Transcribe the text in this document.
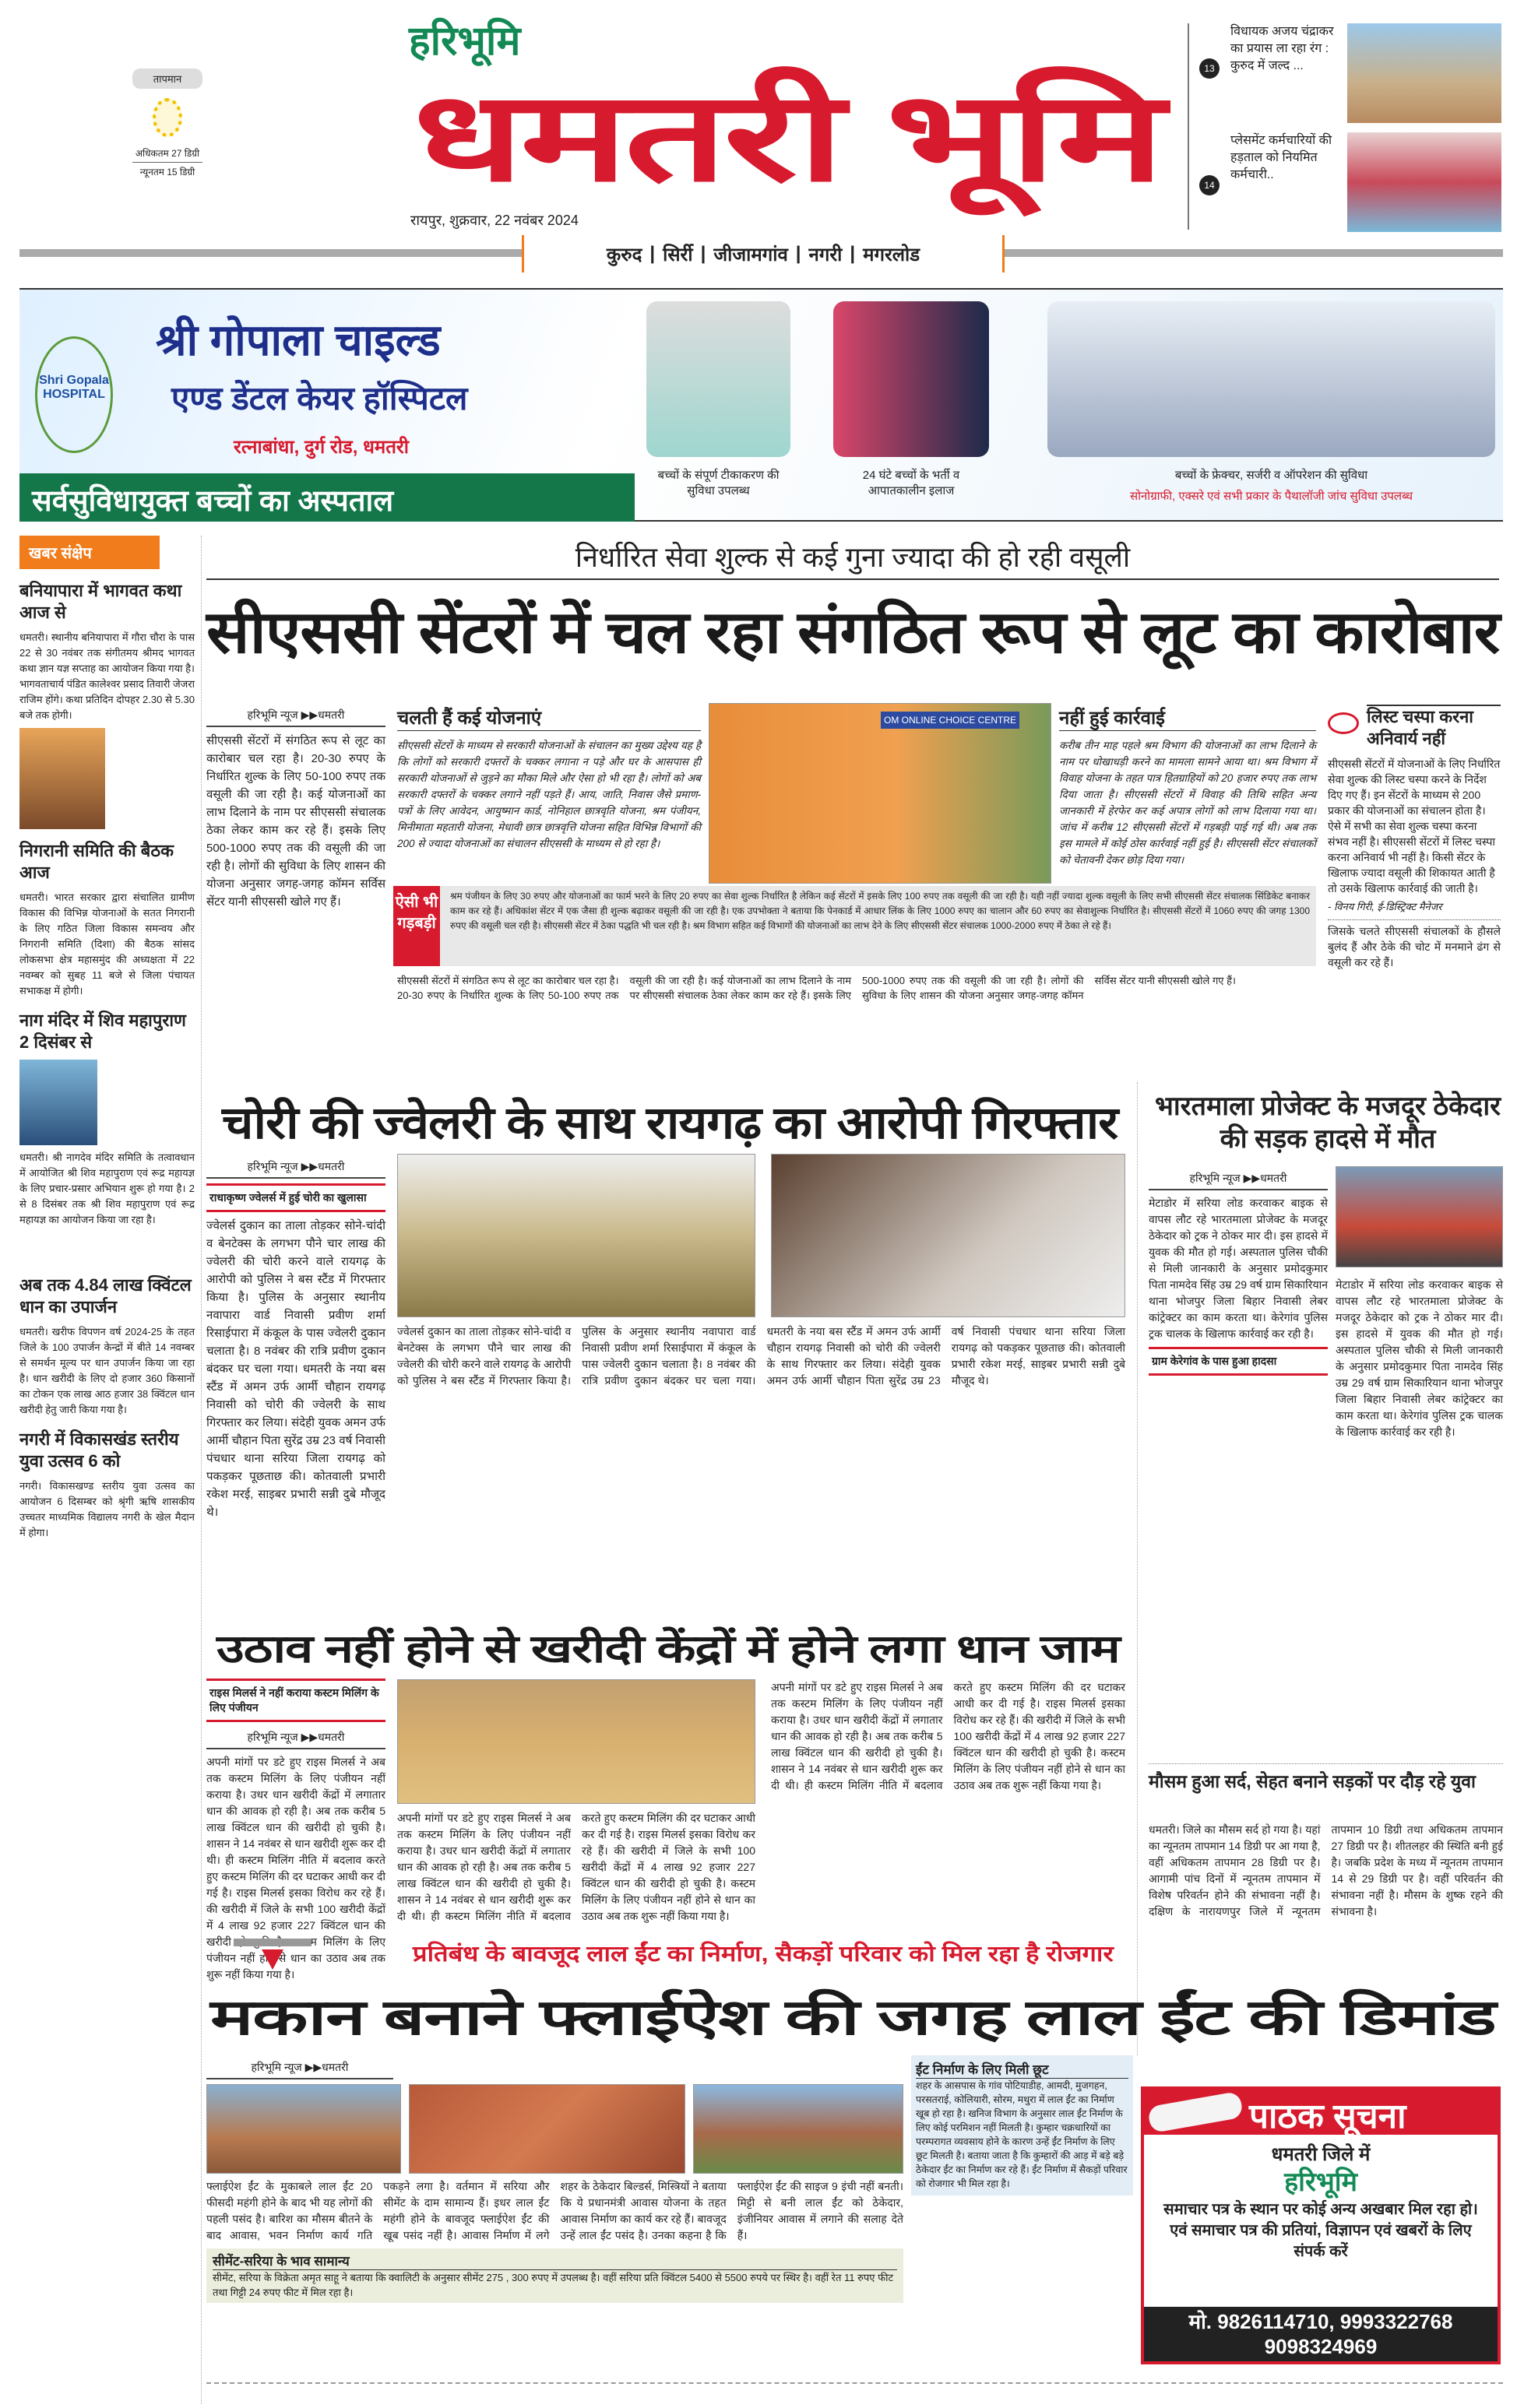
तापमान
अधिकतम 27 डिग्री
न्यूनतम 15 डिग्री
हरिभूमि
धमतरी भूमि
रायपुर, शुक्रवार, 22 नवंबर 2024
कुरुद | सिर्री | जीजामगांव | नगरी | मगरलोड
13
विधायक अजय चंद्राकर का प्रयास ला रहा रंग : कुरुद में जल्द ...
14
प्लेसमेंट कर्मचारियों की हड़ताल को नियमित कर्मचारी..
Shri Gopala HOSPITAL
श्री गोपाला चाइल्ड
एण्ड डेंटल केयर हॉस्पिटल
रत्नाबांधा, दुर्ग रोड, धमतरी
सर्वसुविधायुक्त बच्चों का अस्पताल
बच्चों के संपूर्ण टीकाकरण की सुविधा उपलब्ध
24 घंटे बच्चों के भर्ती व आपातकालीन इलाज
बच्चों के फ्रेक्चर, सर्जरी व ऑपरेशन की सुविधा
सोनोग्राफी, एक्सरे एवं सभी प्रकार के पैथालॉजी जांच सुविधा उपलब्ध
खबर संक्षेप
बनियापारा में भागवत कथा आज से
धमतरी। स्थानीय बनियापारा में गौरा चौरा के पास 22 से 30 नवंबर तक संगीतमय श्रीमद भागवत कथा ज्ञान यज्ञ सप्ताह का आयोजन किया गया है। भागवताचार्य पंडित कालेश्वर प्रसाद तिवारी जेजरा राजिम होंगे। कथा प्रतिदिन दोपहर 2.30 से 5.30 बजे तक होगी।
निगरानी समिति की बैठक आज
धमतरी। भारत सरकार द्वारा संचालित ग्रामीण विकास की विभिन्न योजनाओं के सतत निगरानी के लिए गठित जिला विकास समन्वय और निगरानी समिति (दिशा) की बैठक सांसद लोकसभा क्षेत्र महासमुंद की अध्यक्षता में 22 नवम्बर को सुबह 11 बजे से जिला पंचायत सभाकक्ष में होगी।
नाग मंदिर में शिव महापुराण 2 दिसंबर से
धमतरी। श्री नागदेव मंदिर समिति के तत्वावधान में आयोजित श्री शिव महापुराण एवं रूद्र महायज्ञ के लिए प्रचार-प्रसार अभियान शुरू हो गया है। 2 से 8 दिसंबर तक श्री शिव महापुराण एवं रूद्र महायज्ञ का आयोजन किया जा रहा है।
अब तक 4.84 लाख क्विंटल धान का उपार्जन
धमतरी। खरीफ विपणन वर्ष 2024-25 के तहत जिले के 100 उपार्जन केन्द्रों में बीते 14 नवम्बर से समर्थन मूल्य पर धान उपार्जन किया जा रहा है। धान खरीदी के लिए दो हजार 360 किसानों का टोकन एक लाख आठ हजार 38 क्विंटल धान खरीदी हेतु जारी किया गया है।
नगरी में विकासखंड स्तरीय युवा उत्सव 6 को
नगरी। विकासखण्ड स्तरीय युवा उत्सव का आयोजन 6 दिसम्बर को श्रृंगी ऋषि शासकीय उच्चतर माध्यमिक विद्यालय नगरी के खेल मैदान में होगा।
निर्धारित सेवा शुल्क से कई गुना ज्यादा की हो रही वसूली
सीएससी सेंटरों में चल रहा संगठित रूप से लूट का कारोबार
हरिभूमि न्यूज ▶▶धमतरी
सीएससी सेंटरों में संगठित रूप से लूट का कारोबार चल रहा है। 20-30 रुपए के निर्धारित शुल्क के लिए 50-100 रुपए तक वसूली की जा रही है। कई योजनाओं का लाभ दिलाने के नाम पर सीएससी संचालक ठेका लेकर काम कर रहे हैं। इसके लिए 500-1000 रुपए तक की वसूली की जा रही है। लोगों की सुविधा के लिए शासन की योजना अनुसार जगह-जगह कॉमन सर्विस सेंटर यानी सीएससी खोले गए हैं।
चलती हैं कई योजनाएं
सीएससी सेंटरों के माध्यम से सरकारी योजनाओं के संचालन का मुख्य उद्देश्य यह है कि लोगों को सरकारी दफ्तरों के चक्कर लगाना न पड़े और घर के आसपास ही सरकारी योजनाओं से जुड़ने का मौका मिले और ऐसा हो भी रहा है। लोगों को अब सरकारी दफ्तरों के चक्कर लगाने नहीं पड़ते हैं। आय, जाति, निवास जैसे प्रमाण- पत्रों के लिए आवेदन, आयुष्मान कार्ड, नोनिहाल छात्रवृति योजना, श्रम पंजीयन, मिनीमाता महतारी योजना, मेधावी छात्र छात्रवृत्ति योजना सहित विभिन्न विभागों की 200 से ज्यादा योजनाओं का संचालन सीएससी के माध्यम से हो रहा है।
OM ONLINE CHOICE CENTRE नहीं हुई कार्रवाई
करीब तीन माह पहले श्रम विभाग की योजनाओं का लाभ दिलाने के नाम पर धोखाधड़ी करने का मामला सामने आया था। श्रम विभाग में विवाह योजना के तहत पात्र हितग्राहियों को 20 हजार रुपए तक लाभ दिया जाता है। सीएससी सेंटरों में विवाह की तिथि सहित अन्य जानकारी में हेरफेर कर कई अपात्र लोगों को लाभ दिलाया गया था। जांच में करीब 12 सीएससी सेंटरों में गड़बड़ी पाई गई थी। अब तक इस मामले में कोई ठोस कार्रवाई नहीं हुई है। सीएससी सेंटर संचालकों को चेतावनी देकर छोड़ दिया गया।
ऐसी भी गड़बड़ी
श्रम पंजीयन के लिए 30 रुपए और योजनाओं का फार्म भरने के लिए 20 रुपए का सेवा शुल्क निर्धारित है लेकिन कई सेंटरों में इसके लिए 100 रुपए तक वसूली की जा रही है। यही नहीं ज्यादा शुल्क वसूली के लिए सभी सीएससी सेंटर संचालक सिंडिकेट बनाकर काम कर रहे हैं। अधिकांश सेंटर में एक जैसा ही शुल्क बढ़ाकर वसूली की जा रही है। एक उपभोक्ता ने बताया कि पेनकार्ड में आधार लिंक के लिए 1000 रुपए का चालान और 60 रुपए का सेवाशुल्क निर्धारित है। सीएससी सेंटरों में 1060 रुपए की जगह 1300 रुपए की वसूली चल रही है। सीएससी सेंटर में ठेका पद्धति भी चल रही है। श्रम विभाग सहित कई विभागों की योजनाओं का लाभ देने के लिए सीएससी सेंटर संचालक 1000-2000 रुपए में ठेका ले रहे हैं।
सीएससी सेंटरों में संगठित रूप से लूट का कारोबार चल रहा है। 20-30 रुपए के निर्धारित शुल्क के लिए 50-100 रुपए तक वसूली की जा रही है। कई योजनाओं का लाभ दिलाने के नाम पर सीएससी संचालक ठेका लेकर काम कर रहे हैं। इसके लिए 500-1000 रुपए तक की वसूली की जा रही है। लोगों की सुविधा के लिए शासन की योजना अनुसार जगह-जगह कॉमन सर्विस सेंटर यानी सीएससी खोले गए हैं।
लिस्ट चस्पा करना अनिवार्य नहीं
सीएससी सेंटरों में योजनाओं के लिए निर्धारित सेवा शुल्क की लिस्ट चस्पा करने के निर्देश दिए गए हैं। इन सेंटरों के माध्यम से 200 प्रकार की योजनाओं का संचालन होता है। ऐसे में सभी का सेवा शुल्क चस्पा करना संभव नहीं है। सीएससी सेंटरों में लिस्ट चस्पा करना अनिवार्य भी नहीं है। किसी सेंटर के खिलाफ ज्यादा वसूली की शिकायत आती है तो उसके खिलाफ कार्रवाई की जाती है।
- विनय गिरी, ई-डिस्ट्रिक्ट मैनेजर
जिसके चलते सीएससी संचालकों के हौसले बुलंद हैं और ठेके की चोट में मनमाने ढंग से वसूली कर रहे हैं।
चोरी की ज्वेलरी के साथ रायगढ़ का आरोपी गिरफ्तार
हरिभूमि न्यूज ▶▶धमतरी
राधाकृष्ण ज्वेलर्स में हुई चोरी का खुलासा
ज्वेलर्स दुकान का ताला तोड़कर सोने-चांदी व बेनटेक्स के लगभग पौने चार लाख की ज्वेलरी की चोरी करने वाले रायगढ़ के आरोपी को पुलिस ने बस स्टैंड में गिरफ्तार किया है। पुलिस के अनुसार स्थानीय नवापारा वार्ड निवासी प्रवीण शर्मा रिसाईपारा में कंकूल के पास ज्वेलरी दुकान चलाता है। 8 नवंबर की रात्रि प्रवीण दुकान बंदकर घर चला गया। धमतरी के नया बस स्टैंड में अमन उर्फ आर्मी चौहान रायगढ़ निवासी को चोरी की ज्वेलरी के साथ गिरफ्तार कर लिया। संदेही युवक अमन उर्फ आर्मी चौहान पिता सुरेंद्र उम्र 23 वर्ष निवासी पंचधार थाना सरिया जिला रायगढ़ को पकड़कर पूछताछ की। कोतवाली प्रभारी रकेश मरई, साइबर प्रभारी सन्नी दुबे मौजूद थे।
ज्वेलर्स दुकान का ताला तोड़कर सोने-चांदी व बेनटेक्स के लगभग पौने चार लाख की ज्वेलरी की चोरी करने वाले रायगढ़ के आरोपी को पुलिस ने बस स्टैंड में गिरफ्तार किया है। पुलिस के अनुसार स्थानीय नवापारा वार्ड निवासी प्रवीण शर्मा रिसाईपारा में कंकूल के पास ज्वेलरी दुकान चलाता है। 8 नवंबर की रात्रि प्रवीण दुकान बंदकर घर चला गया। धमतरी के नया बस स्टैंड में अमन उर्फ आर्मी चौहान रायगढ़ निवासी को चोरी की ज्वेलरी के साथ गिरफ्तार कर लिया। संदेही युवक अमन उर्फ आर्मी चौहान पिता सुरेंद्र उम्र 23 वर्ष निवासी पंचधार थाना सरिया जिला रायगढ़ को पकड़कर पूछताछ की। कोतवाली प्रभारी रकेश मरई, साइबर प्रभारी सन्नी दुबे मौजूद थे।
भारतमाला प्रोजेक्ट के मजदूर ठेकेदार की सड़क हादसे में मौत
हरिभूमि न्यूज ▶▶धमतरी
मेटाडोर में सरिया लोड करवाकर बाइक से वापस लौट रहे भारतमाला प्रोजेक्ट के मजदूर ठेकेदार को ट्रक ने ठोकर मार दी। इस हादसे में युवक की मौत हो गई। अस्पताल पुलिस चौकी से मिली जानकारी के अनुसार प्रमोदकुमार पिता नामदेव सिंह उम्र 29 वर्ष ग्राम सिकारियान थाना भोजपुर जिला बिहार निवासी लेबर कांट्रेक्टर का काम करता था। केरेगांव पुलिस ट्रक चालक के खिलाफ कार्रवाई कर रही है।
ग्राम केरेगांव के पास हुआ हादसा
मेटाडोर में सरिया लोड करवाकर बाइक से वापस लौट रहे भारतमाला प्रोजेक्ट के मजदूर ठेकेदार को ट्रक ने ठोकर मार दी। इस हादसे में युवक की मौत हो गई। अस्पताल पुलिस चौकी से मिली जानकारी के अनुसार प्रमोदकुमार पिता नामदेव सिंह उम्र 29 वर्ष ग्राम सिकारियान थाना भोजपुर जिला बिहार निवासी लेबर कांट्रेक्टर का काम करता था। केरेगांव पुलिस ट्रक चालक के खिलाफ कार्रवाई कर रही है।
उठाव नहीं होने से खरीदी केंद्रों में होने लगा धान जाम
राइस मिलर्स ने नहीं कराया कस्टम मिलिंग के लिए पंजीयन
हरिभूमि न्यूज ▶▶धमतरी
अपनी मांगों पर डटे हुए राइस मिलर्स ने अब तक कस्टम मिलिंग के लिए पंजीयन नहीं कराया है। उधर धान खरीदी केंद्रों में लगातार धान की आवक हो रही है। अब तक करीब 5 लाख क्विंटल धान की खरीदी हो चुकी है। शासन ने 14 नवंबर से धान खरीदी शुरू कर दी थी। ही कस्टम मिलिंग नीति में बदलाव करते हुए कस्टम मिलिंग की दर घटाकर आधी कर दी गई है। राइस मिलर्स इसका विरोध कर रहे हैं। की खरीदी में जिले के सभी 100 खरीदी केंद्रों में 4 लाख 92 हजार 227 क्विंटल धान की खरीदी हो चुकी है। कस्टम मिलिंग के लिए पंजीयन नहीं होने से धान का उठाव अब तक शुरू नहीं किया गया है।
अपनी मांगों पर डटे हुए राइस मिलर्स ने अब तक कस्टम मिलिंग के लिए पंजीयन नहीं कराया है। उधर धान खरीदी केंद्रों में लगातार धान की आवक हो रही है। अब तक करीब 5 लाख क्विंटल धान की खरीदी हो चुकी है। शासन ने 14 नवंबर से धान खरीदी शुरू कर दी थी। ही कस्टम मिलिंग नीति में बदलाव करते हुए कस्टम मिलिंग की दर घटाकर आधी कर दी गई है। राइस मिलर्स इसका विरोध कर रहे हैं। की खरीदी में जिले के सभी 100 खरीदी केंद्रों में 4 लाख 92 हजार 227 क्विंटल धान की खरीदी हो चुकी है। कस्टम मिलिंग के लिए पंजीयन नहीं होने से धान का उठाव अब तक शुरू नहीं किया गया है।
अपनी मांगों पर डटे हुए राइस मिलर्स ने अब तक कस्टम मिलिंग के लिए पंजीयन नहीं कराया है। उधर धान खरीदी केंद्रों में लगातार धान की आवक हो रही है। अब तक करीब 5 लाख क्विंटल धान की खरीदी हो चुकी है। शासन ने 14 नवंबर से धान खरीदी शुरू कर दी थी। ही कस्टम मिलिंग नीति में बदलाव करते हुए कस्टम मिलिंग की दर घटाकर आधी कर दी गई है। राइस मिलर्स इसका विरोध कर रहे हैं। की खरीदी में जिले के सभी 100 खरीदी केंद्रों में 4 लाख 92 हजार 227 क्विंटल धान की खरीदी हो चुकी है। कस्टम मिलिंग के लिए पंजीयन नहीं होने से धान का उठाव अब तक शुरू नहीं किया गया है।	मौसम हुआ सर्द, सेहत बनाने सड़कों पर दौड़ रहे युवा
धमतरी। जिले का मौसम सर्द हो गया है। यहां का न्यूनतम तापमान 14 डिग्री पर आ गया है, वहीं अधिकतम तापमान 28 डिग्री पर है। आगामी पांच दिनों में न्यूनतम तापमान में विशेष परिवर्तन होने की संभावना नहीं है। दक्षिण के नारायणपुर जिले में न्यूनतम तापमान 10 डिग्री तथा अधिकतम तापमान 27 डिग्री पर है। शीतलहर की स्थिति बनी हुई है। जबकि प्रदेश के मध्य में न्यूनतम तापमान 14 से 29 डिग्री पर है। वहीं परिवर्तन की संभावना नहीं है। मौसम के शुष्क रहने की संभावना है।
प्रतिबंध के बावजूद लाल ईंट का निर्माण, सैकड़ों परिवार को मिल रहा है रोजगार
मकान बनाने फ्लाईऐश की जगह लाल ईंट की डिमांड
हरिभूमि न्यूज ▶▶धमतरी
फ्लाईऐश ईंट के मुकाबले लाल ईंट 20 फीसदी महंगी होने के बाद भी यह लोगों की पहली पसंद है। बारिश का मौसम बीतने के बाद आवास, भवन निर्माण कार्य गति पकड़ने लगा है। वर्तमान में सरिया और सीमेंट के दाम सामान्य हैं। इधर लाल ईंट महंगी होने के बावजूद फ्लाईऐश ईंट की खूब पसंद नहीं है। आवास निर्माण में लगे शहर के ठेकेदार बिल्डर्स, मिस्त्रियों ने बताया कि ये प्रधानमंत्री आवास योजना के तहत आवास निर्माण का कार्य कर रहे हैं। बावजूद उन्हें लाल ईंट पसंद है। उनका कहना है कि फ्लाईऐश ईंट की साइज 9 इंची नहीं बनती। मिट्टी से बनी लाल ईंट को ठेकेदार, इंजीनियर आवास में लगाने की सलाह देते हैं।
सीमेंट-सरिया के भाव सामान्य
सीमेंट, सरिया के विक्रेता अमृत साहू ने बताया कि क्वालिटी के अनुसार सीमेंट 275 , 300 रुपए में उपलब्ध है। वहीं सरिया प्रति क्विंटल 5400 से 5500 रुपये पर स्थिर है। वहीं रेत 11 रुपए फीट तथा गिट्टी 24 रुपए फीट में मिल रहा है।
ईंट निर्माण के लिए मिली छूट
शहर के आसपास के गांव पोटियाडीह, आमदी, मुजगहन, परसतराई, कोलियारी, सोरम, मथुरा में लाल ईंट का निर्माण खूब हो रहा है। खनिज विभाग के अनुसार लाल ईंट निर्माण के लिए कोई परमिशन नहीं मिलती है। कुम्हार चक्रधारियों का परम्परागत व्यवसाय होने के कारण उन्हें ईंट निर्माण के लिए छूट मिलती है। बताया जाता है कि कुम्हारों की आड़ में बड़े बड़े ठेकेदार ईंट का निर्माण कर रहे हैं। ईंट निर्माण में सैकड़ों परिवार को रोजगार भी मिल रहा है।
पाठक सूचना
धमतरी जिले में
हरिभूमि
समाचार पत्र के स्थान पर कोई अन्य अखबार मिल रहा हो। एवं समाचार पत्र की प्रतियां, विज्ञापन एवं खबरों के लिए संपर्क करें
मो. 9826114710, 9993322768
9098324969
